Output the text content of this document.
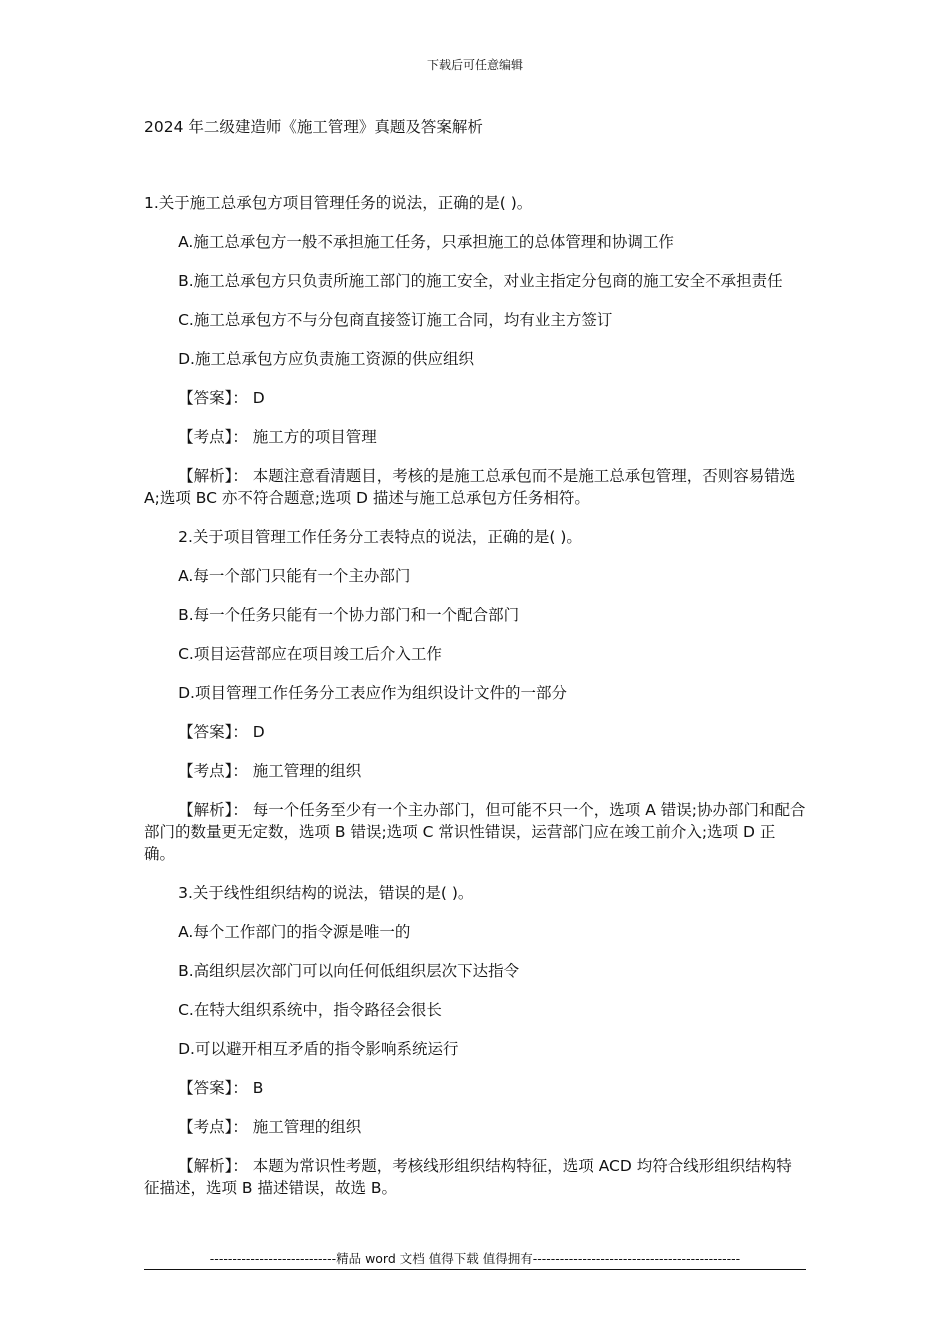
下载后可任意编辑
2024 年二级建造师《施工管理》真题及答案解析

1.关于施工总承包方项目管理任务的说法，正确的是( )。

A.施工总承包方一般不承担施工任务，只承担施工的总体管理和协调工作

B.施工总承包方只负责所施工部门的施工安全，对业主指定分包商的施工安全不承担责任

C.施工总承包方不与分包商直接签订施工合同，均有业主方签订

D.施工总承包方应负责施工资源的供应组织

【答案】： D

【考点】： 施工方的项目管理

【解析】： 本题注意看清题目，考核的是施工总承包而不是施工总承包管理，否则容易错选 A;选项 BC 亦不符合题意;选项 D 描述与施工总承包方任务相符。

2.关于项目管理工作任务分工表特点的说法，正确的是( )。

A.每一个部门只能有一个主办部门

B.每一个任务只能有一个协力部门和一个配合部门

C.项目运营部应在项目竣工后介入工作

D.项目管理工作任务分工表应作为组织设计文件的一部分

【答案】： D

【考点】： 施工管理的组织

【解析】： 每一个任务至少有一个主办部门，但可能不只一个，选项 A 错误;协办部门和配合部门的数量更无定数，选项 B 错误;选项 C 常识性错误，运营部门应在竣工前介入;选项 D 正确。

3.关于线性组织结构的说法，错误的是( )。

A.每个工作部门的指令源是唯一的

B.高组织层次部门可以向任何低组织层次下达指令

C.在特大组织系统中，指令路径会很长

D.可以避开相互矛盾的指令影响系统运行

【答案】： B

【考点】： 施工管理的组织

【解析】： 本题为常识性考题，考核线形组织结构特征，选项 ACD 均符合线形组织结构特征描述，选项 B 描述错误，故选 B。

----------------------------精品 word 文档 值得下载 值得拥有----------------------------------------------
